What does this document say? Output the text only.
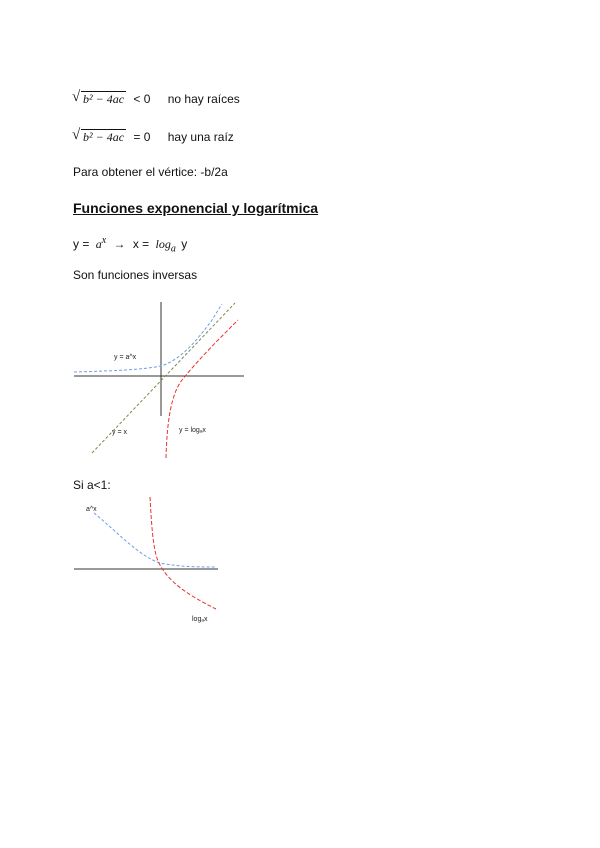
√ b² − 4ac < 0 no hay raíces
√ b² − 4ac = 0 hay una raíz
Para obtener el vértice: -b/2a
Funciones exponencial y logarítmica
$y = a^x \to x = \log_a y$
Son funciones inversas
y = a^x
y = x	y = logₐx
Si a<1:
a^x
logₐx
